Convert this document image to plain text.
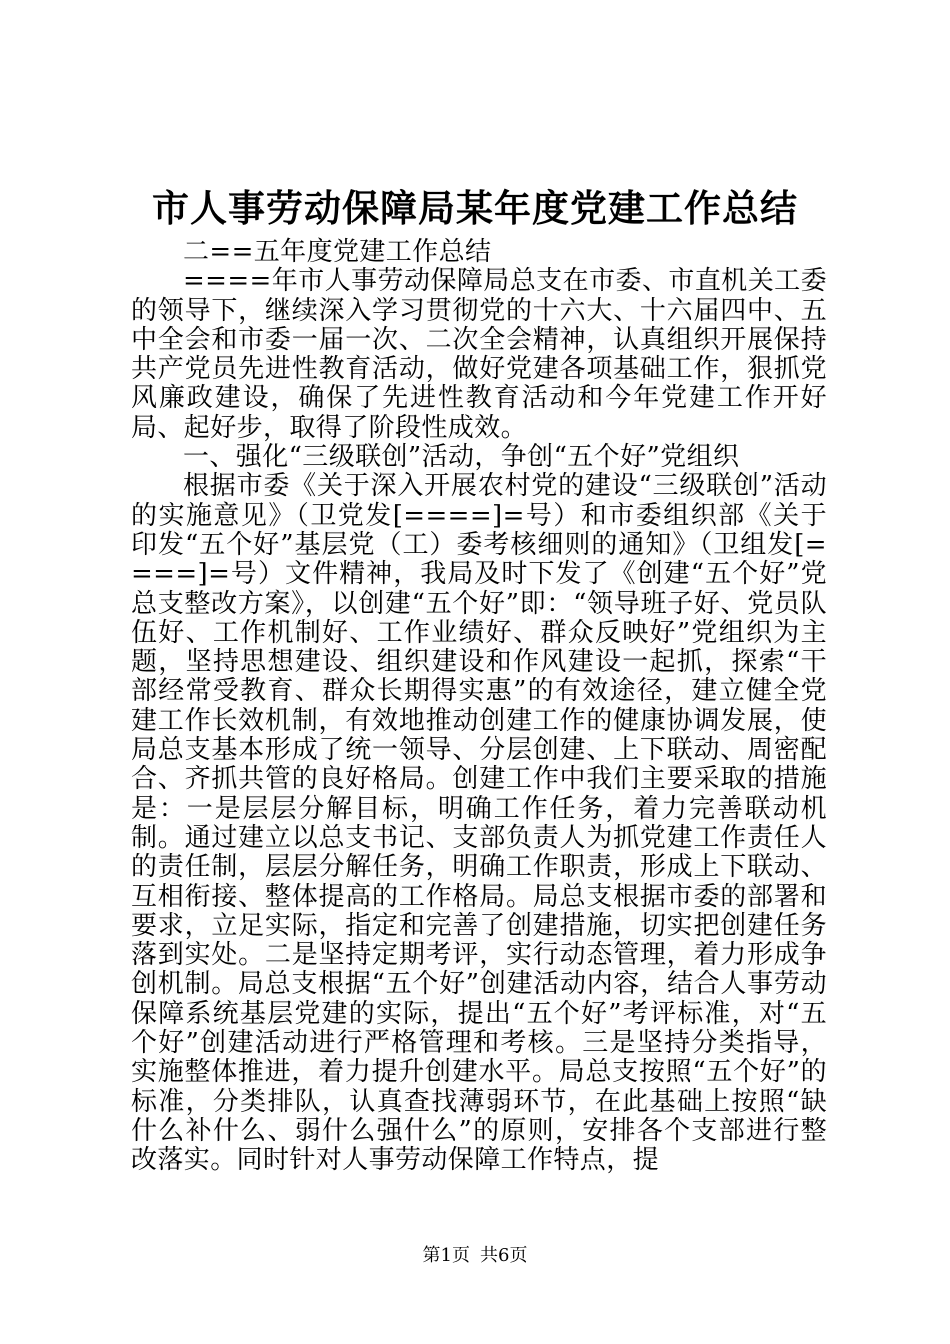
市人事劳动保障局某年度党建工作总结

二==五年度党建工作总结

====年市人事劳动保障局总支在市委、市直机关工委的领导下，继续深入学习贯彻党的十六大、十六届四中、五中全会和市委一届一次、二次全会精神，认真组织开展保持共产党员先进性教育活动，做好党建各项基础工作，狠抓党风廉政建设，确保了先进性教育活动和今年党建工作开好局、起好步，取得了阶段性成效。

一、强化“三级联创”活动，争创“五个好”党组织

根据市委《关于深入开展农村党的建设“三级联创”活动的实施意见》（卫党发[====]=号）和市委组织部《关于印发“五个好”基层党（工）委考核细则的通知》（卫组发[====]=号）文件精神，我局及时下发了《创建“五个好”党总支整改方案》，以创建“五个好”即：“领导班子好、党员队伍好、工作机制好、工作业绩好、群众反映好”党组织为主题，坚持思想建设、组织建设和作风建设一起抓，探索“干部经常受教育、群众长期得实惠”的有效途径，建立健全党建工作长效机制，有效地推动创建工作的健康协调发展，使局总支基本形成了统一领导、分层创建、上下联动、周密配合、齐抓共管的良好格局。创建工作中我们主要采取的措施是：一是层层分解目标，明确工作任务，着力完善联动机制。通过建立以总支书记、支部负责人为抓党建工作责任人的责任制，层层分解任务，明确工作职责，形成上下联动、互相衔接、整体提高的工作格局。局总支根据市委的部署和要求，立足实际，指定和完善了创建措施，切实把创建任务落到实处。二是坚持定期考评，实行动态管理，着力形成争创机制。局总支根据“五个好”创建活动内容，结合人事劳动保障系统基层党建的实际，提出“五个好”考评标准，对“五个好”创建活动进行严格管理和考核。三是坚持分类指导，实施整体推进，着力提升创建水平。局总支按照“五个好”的标准，分类排队，认真查找薄弱环节，在此基础上按照“缺什么补什么、弱什么强什么”的原则，安排各个支部进行整改落实。同时针对人事劳动保障工作特点，提

第1页 共6页
